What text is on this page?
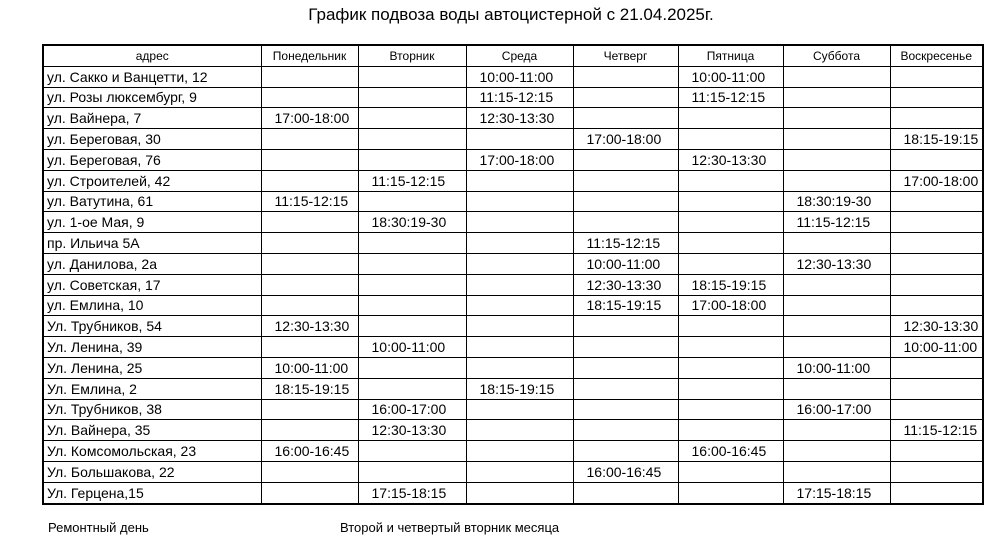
График подвоза воды автоцистерной с 21.04.2025г.
адрес	Понедельник	Вторник	Среда	Четверг	Пятница	Суббота	Воскресенье
ул. Сакко и Ванцетти, 12			10:00-11:00		10:00-11:00		
ул. Розы люксембург, 9			11:15-12:15		11:15-12:15		
ул. Вайнера, 7	17:00-18:00		12:30-13:30				
ул. Береговая, 30				17:00-18:00			18:15-19:15
ул. Береговая, 76			17:00-18:00		12:30-13:30		
ул. Строителей, 42		11:15-12:15					17:00-18:00
ул. Ватутина, 61	11:15-12:15					18:30:19-30	
ул. 1-ое Мая, 9		18:30:19-30				11:15-12:15	
пр. Ильича 5А				11:15-12:15			
ул. Данилова, 2а				10:00-11:00		12:30-13:30	
ул. Советская, 17				12:30-13:30	18:15-19:15		
ул. Емлина, 10				18:15-19:15	17:00-18:00		
Ул. Трубников, 54	12:30-13:30						12:30-13:30
Ул. Ленина, 39		10:00-11:00					10:00-11:00
Ул. Ленина, 25	10:00-11:00					10:00-11:00	
Ул. Емлина, 2	18:15-19:15		18:15-19:15				
Ул. Трубников, 38		16:00-17:00				16:00-17:00	
Ул. Вайнера, 35		12:30-13:30					11:15-12:15
Ул. Комсомольская, 23	16:00-16:45				16:00-16:45		
Ул. Большакова, 22				16:00-16:45			
Ул. Герцена,15		17:15-18:15				17:15-18:15	
Ремонтный день	Второй и четвертый вторник месяца
